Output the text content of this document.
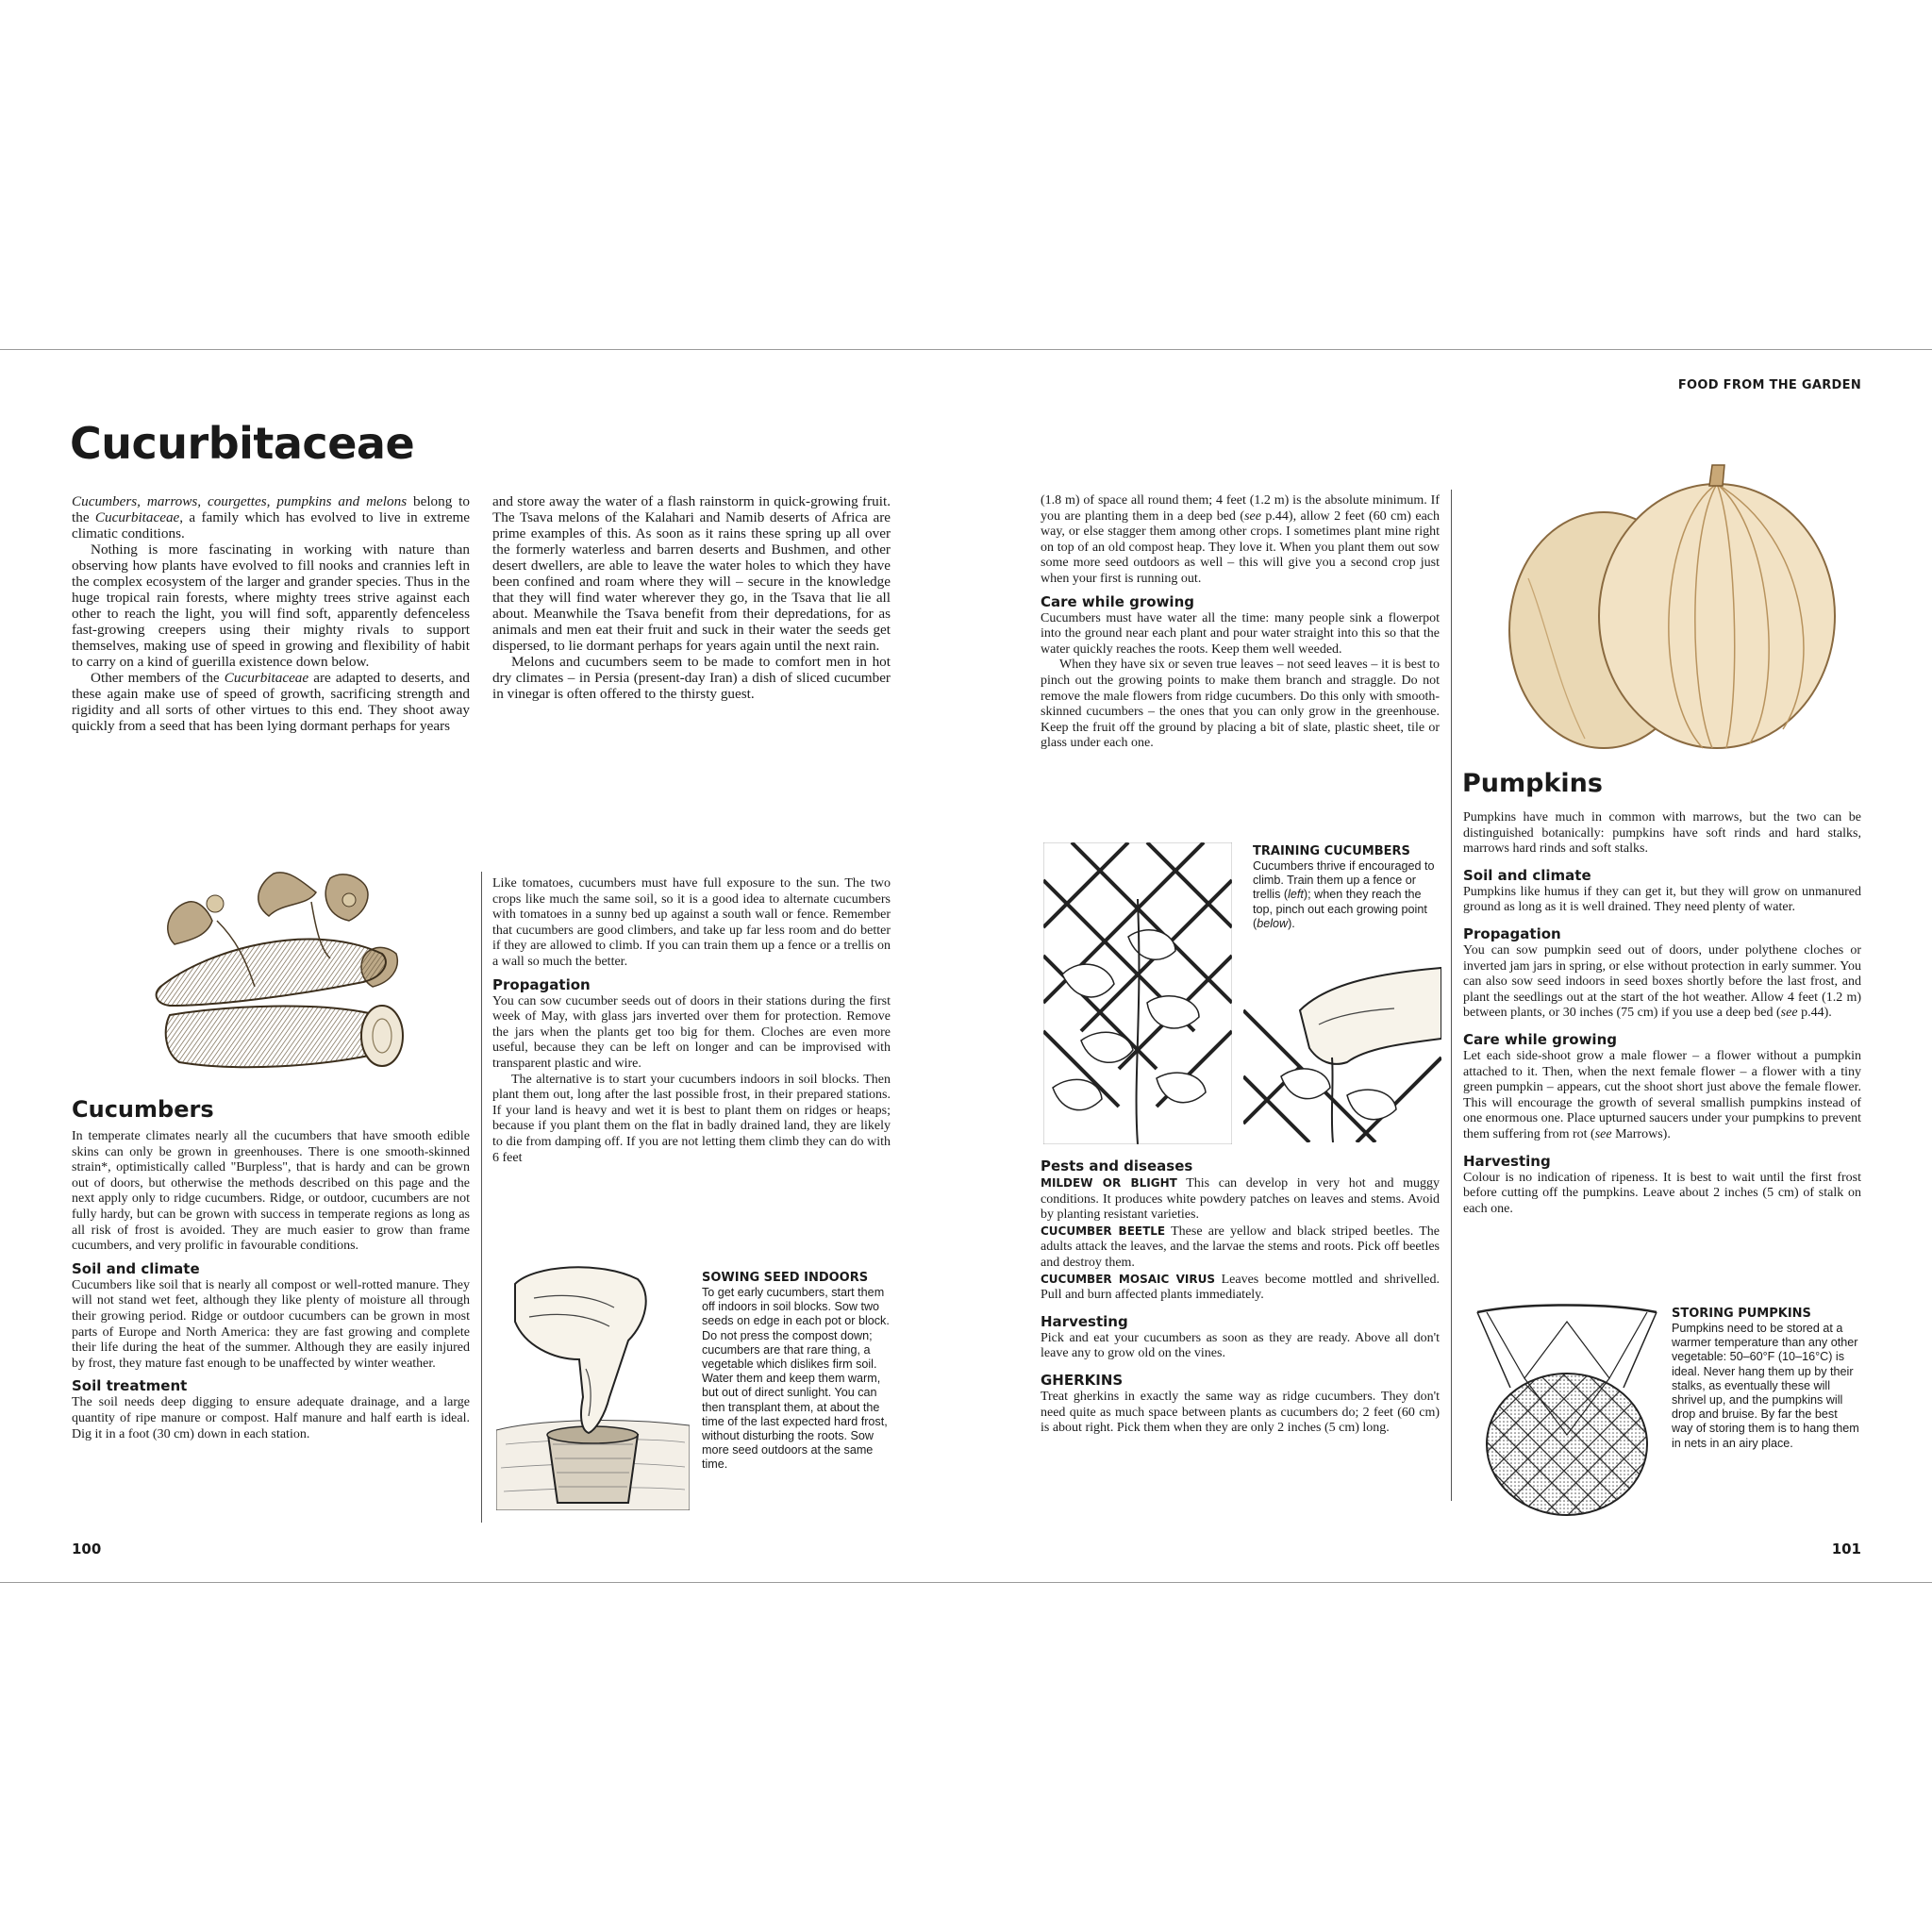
FOOD FROM THE GARDEN
100	101
Cucurbitaceae

Cucumbers, marrows, courgettes, pumpkins and melons belong to the Cucurbitaceae, a family which has evolved to live in extreme climatic conditions.

Nothing is more fascinating in working with nature than observing how plants have evolved to fill nooks and crannies left in the complex ecosystem of the larger and grander species. Thus in the huge tropical rain forests, where mighty trees strive against each other to reach the light, you will find soft, apparently defenceless fast-growing creepers using their mighty rivals to support themselves, making use of speed in growing and flexibility of habit to carry on a kind of guerilla existence down below.

Other members of the Cucurbitaceae are adapted to deserts, and these again make use of speed of growth, sacrificing strength and rigidity and all sorts of other virtues to this end. They shoot away quickly from a seed that has been lying dormant perhaps for years

and store away the water of a flash rainstorm in quick-growing fruit. The Tsava melons of the Kalahari and Namib deserts of Africa are prime examples of this. As soon as it rains these spring up all over the formerly waterless and barren deserts and Bushmen, and other desert dwellers, are able to leave the water holes to which they have been confined and roam where they will – secure in the knowledge that they will find water wherever they go, in the Tsava that lie all about. Meanwhile the Tsava benefit from their depredations, for as animals and men eat their fruit and suck in their water the seeds get dispersed, to lie dormant perhaps for years again until the next rain.

Melons and cucumbers seem to be made to comfort men in hot dry climates – in Persia (present-day Iran) a dish of sliced cucumber in vinegar is often offered to the thirsty guest.

Cucumbers

In temperate climates nearly all the cucumbers that have smooth edible skins can only be grown in greenhouses. There is one smooth-skinned strain*, optimistically called "Burpless", that is hardy and can be grown out of doors, but otherwise the methods described on this page and the next apply only to ridge cucumbers. Ridge, or outdoor, cucumbers are not fully hardy, but can be grown with success in temperate regions as long as all risk of frost is avoided. They are much easier to grow than frame cucumbers, and very prolific in favourable conditions.

Soil and climate

Cucumbers like soil that is nearly all compost or well-rotted manure. They will not stand wet feet, although they like plenty of moisture all through their growing period. Ridge or outdoor cucumbers can be grown in most parts of Europe and North America: they are fast growing and complete their life during the heat of the summer. Although they are easily injured by frost, they mature fast enough to be unaffected by winter weather.

Soil treatment

The soil needs deep digging to ensure adequate drainage, and a large quantity of ripe manure or compost. Half manure and half earth is ideal. Dig it in a foot (30 cm) down in each station.

Like tomatoes, cucumbers must have full exposure to the sun. The two crops like much the same soil, so it is a good idea to alternate cucumbers with tomatoes in a sunny bed up against a south wall or fence. Remember that cucumbers are good climbers, and take up far less room and do better if they are allowed to climb. If you can train them up a fence or a trellis on a wall so much the better.

Propagation

You can sow cucumber seeds out of doors in their stations during the first week of May, with glass jars inverted over them for protection. Remove the jars when the plants get too big for them. Cloches are even more useful, because they can be left on longer and can be improvised with transparent plastic and wire.

The alternative is to start your cucumbers indoors in soil blocks. Then plant them out, long after the last possible frost, in their prepared stations. If your land is heavy and wet it is best to plant them on ridges or heaps; because if you plant them on the flat in badly drained land, they are likely to die from damping off. If you are not letting them climb they can do with 6 feet

SOWING SEED INDOORS
To get early cucumbers, start them off indoors in soil blocks. Sow two seeds on edge in each pot or block. Do not press the compost down; cucumbers are that rare thing, a vegetable which dislikes firm soil. Water them and keep them warm, but out of direct sunlight. You can then transplant them, at about the time of the last expected hard frost, without disturbing the roots. Sow more seed outdoors at the same time.

(1.8 m) of space all round them; 4 feet (1.2 m) is the absolute minimum. If you are planting them in a deep bed (see p.44), allow 2 feet (60 cm) each way, or else stagger them among other crops. I sometimes plant mine right on top of an old compost heap. They love it. When you plant them out sow some more seed outdoors as well – this will give you a second crop just when your first is running out.

Care while growing

Cucumbers must have water all the time: many people sink a flowerpot into the ground near each plant and pour water straight into this so that the water quickly reaches the roots. Keep them well weeded.

When they have six or seven true leaves – not seed leaves – it is best to pinch out the growing points to make them branch and straggle. Do not remove the male flowers from ridge cucumbers. Do this only with smooth-skinned cucumbers – the ones that you can only grow in the greenhouse. Keep the fruit off the ground by placing a bit of slate, plastic sheet, tile or glass under each one.

TRAINING CUCUMBERS
Cucumbers thrive if encouraged to climb. Train them up a fence or trellis (left); when they reach the top, pinch out each growing point (below).
Pests and diseases

MILDEW OR BLIGHT This can develop in very hot and muggy conditions. It produces white powdery patches on leaves and stems. Avoid by planting resistant varieties.

CUCUMBER BEETLE These are yellow and black striped beetles. The adults attack the leaves, and the larvae the stems and roots. Pick off beetles and destroy them.

CUCUMBER MOSAIC VIRUS Leaves become mottled and shrivelled. Pull and burn affected plants immediately.

Harvesting

Pick and eat your cucumbers as soon as they are ready. Above all don't leave any to grow old on the vines.

GHERKINS

Treat gherkins in exactly the same way as ridge cucumbers. They don't need quite as much space between plants as cucumbers do; 2 feet (60 cm) is about right. Pick them when they are only 2 inches (5 cm) long.

Pumpkins

Pumpkins have much in common with marrows, but the two can be distinguished botanically: pumpkins have soft rinds and hard stalks, marrows hard rinds and soft stalks.

Soil and climate

Pumpkins like humus if they can get it, but they will grow on unmanured ground as long as it is well drained. They need plenty of water.

Propagation

You can sow pumpkin seed out of doors, under polythene cloches or inverted jam jars in spring, or else without protection in early summer. You can also sow seed indoors in seed boxes shortly before the last frost, and plant the seedlings out at the start of the hot weather. Allow 4 feet (1.2 m) between plants, or 30 inches (75 cm) if you use a deep bed (see p.44).

Care while growing

Let each side-shoot grow a male flower – a flower without a pumpkin attached to it. Then, when the next female flower – a flower with a tiny green pumpkin – appears, cut the shoot short just above the female flower. This will encourage the growth of several smallish pumpkins instead of one enormous one. Place upturned saucers under your pumpkins to prevent them suffering from rot (see Marrows).

Harvesting

Colour is no indication of ripeness. It is best to wait until the first frost before cutting off the pumpkins. Leave about 2 inches (5 cm) of stalk on each one.

STORING PUMPKINS
Pumpkins need to be stored at a warmer temperature than any other vegetable: 50–60°F (10–16°C) is ideal. Never hang them up by their stalks, as eventually these will shrivel up, and the pumpkins will drop and bruise. By far the best way of storing them is to hang them in nets in an airy place.
